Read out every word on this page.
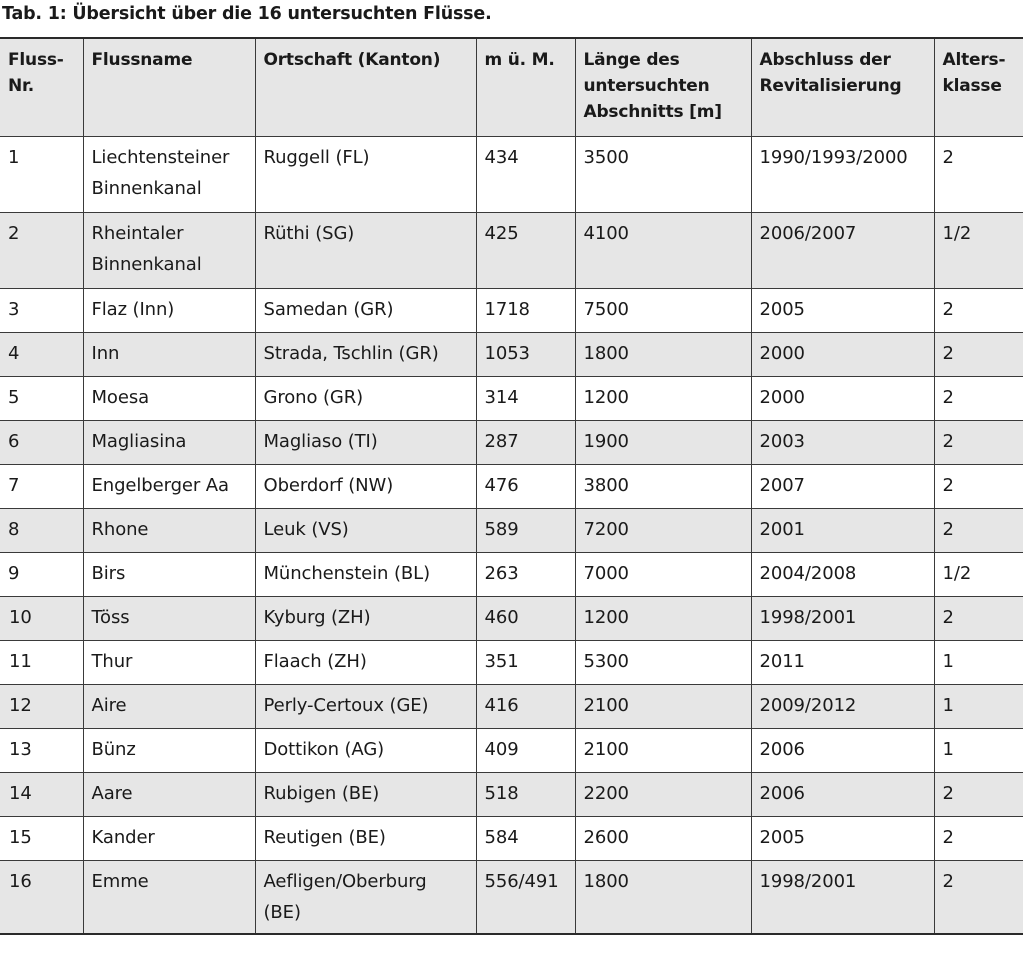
Tab. 1: Übersicht über die 16 untersuchten Flüsse.
Fluss-Nr.	Flussname	Ortschaft (Kanton)	m ü. M.	Länge des untersuchten Abschnitts [m]	Abschluss der Revitalisierung	Alters-klasse
1	Liechtensteiner Binnenkanal	Ruggell (FL)	434	3500	1990/1993/2000	2
2	Rheintaler Binnenkanal	Rüthi (SG)	425	4100	2006/2007	1/2
3	Flaz (Inn)	Samedan (GR)	1718	7500	2005	2
4	Inn	Strada, Tschlin (GR)	1053	1800	2000	2
5	Moesa	Grono (GR)	314	1200	2000	2
6	Magliasina	Magliaso (TI)	287	1900	2003	2
7	Engelberger Aa	Oberdorf (NW)	476	3800	2007	2
8	Rhone	Leuk (VS)	589	7200	2001	2
9	Birs	Münchenstein (BL)	263	7000	2004/2008	1/2
10	Töss	Kyburg (ZH)	460	1200	1998/2001	2
11	Thur	Flaach (ZH)	351	5300	2011	1
12	Aire	Perly-Certoux (GE)	416	2100	2009/2012	1
13	Bünz	Dottikon (AG)	409	2100	2006	1
14	Aare	Rubigen (BE)	518	2200	2006	2
15	Kander	Reutigen (BE)	584	2600	2005	2
16	Emme	Aefligen/Oberburg (BE)	556/491	1800	1998/2001	2
